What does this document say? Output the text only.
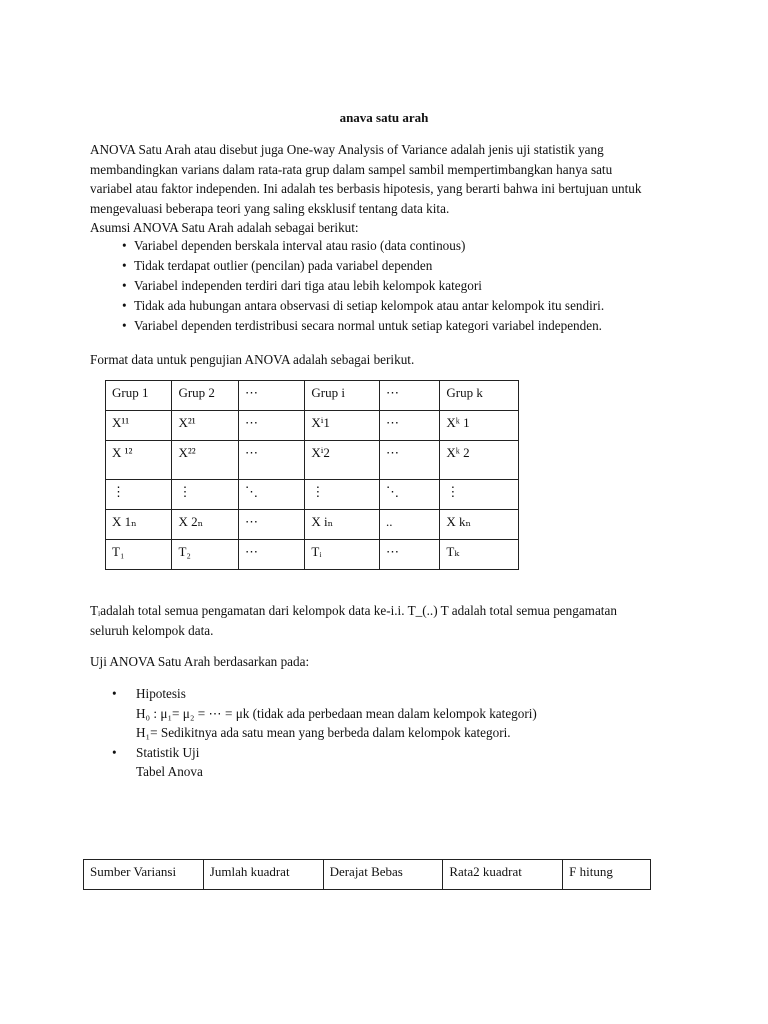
anava satu arah
ANOVA Satu Arah atau disebut juga One-way Analysis of Variance adalah jenis uji statistik yang
membandingkan varians dalam rata-rata grup dalam sampel sambil mempertimbangkan hanya satu
variabel atau faktor independen. Ini adalah tes berbasis hipotesis, yang berarti bahwa ini bertujuan untuk
mengevaluasi beberapa teori yang saling eksklusif tentang data kita.
Asumsi ANOVA Satu Arah adalah sebagai berikut:
• Variabel dependen berskala interval atau rasio (data continous)
• Tidak terdapat outlier (pencilan) pada variabel dependen
• Variabel independen terdiri dari tiga atau lebih kelompok kategori
• Tidak ada hubungan antara observasi di setiap kelompok atau antar kelompok itu sendiri.
• Variabel dependen terdistribusi secara normal untuk setiap kategori variabel independen.
Format data untuk pengujian ANOVA adalah sebagai berikut.
Grup 1	Grup 2	⋯	Grup i	⋯	Grup k
X¹¹	X²¹	⋯	Xⁱ1	⋯	Xᵏ 1
X ¹²	X²²	⋯	Xⁱ2	⋯	Xᵏ 2
⋮	⋮	⋱	⋮	⋱	⋮
X 1ₙ	X 2ₙ	⋯	X iₙ	..	X kₙ
T₁	T₂	⋯	Tᵢ	⋯	Tₖ
Tᵢadalah total semua pengamatan dari kelompok data ke-i.i. T_(..) T adalah total semua pengamatan
seluruh kelompok data.
Uji ANOVA Satu Arah berdasarkan pada:
• Hipotesis
H₀ : μ₁= μ₂ = ⋯ = μk (tidak ada perbedaan mean dalam kelompok kategori)
H₁= Sedikitnya ada satu mean yang berbeda dalam kelompok kategori.
• Statistik Uji
Tabel Anova
Sumber Variansi	Jumlah kuadrat	Derajat Bebas	Rata2 kuadrat	F hitung
